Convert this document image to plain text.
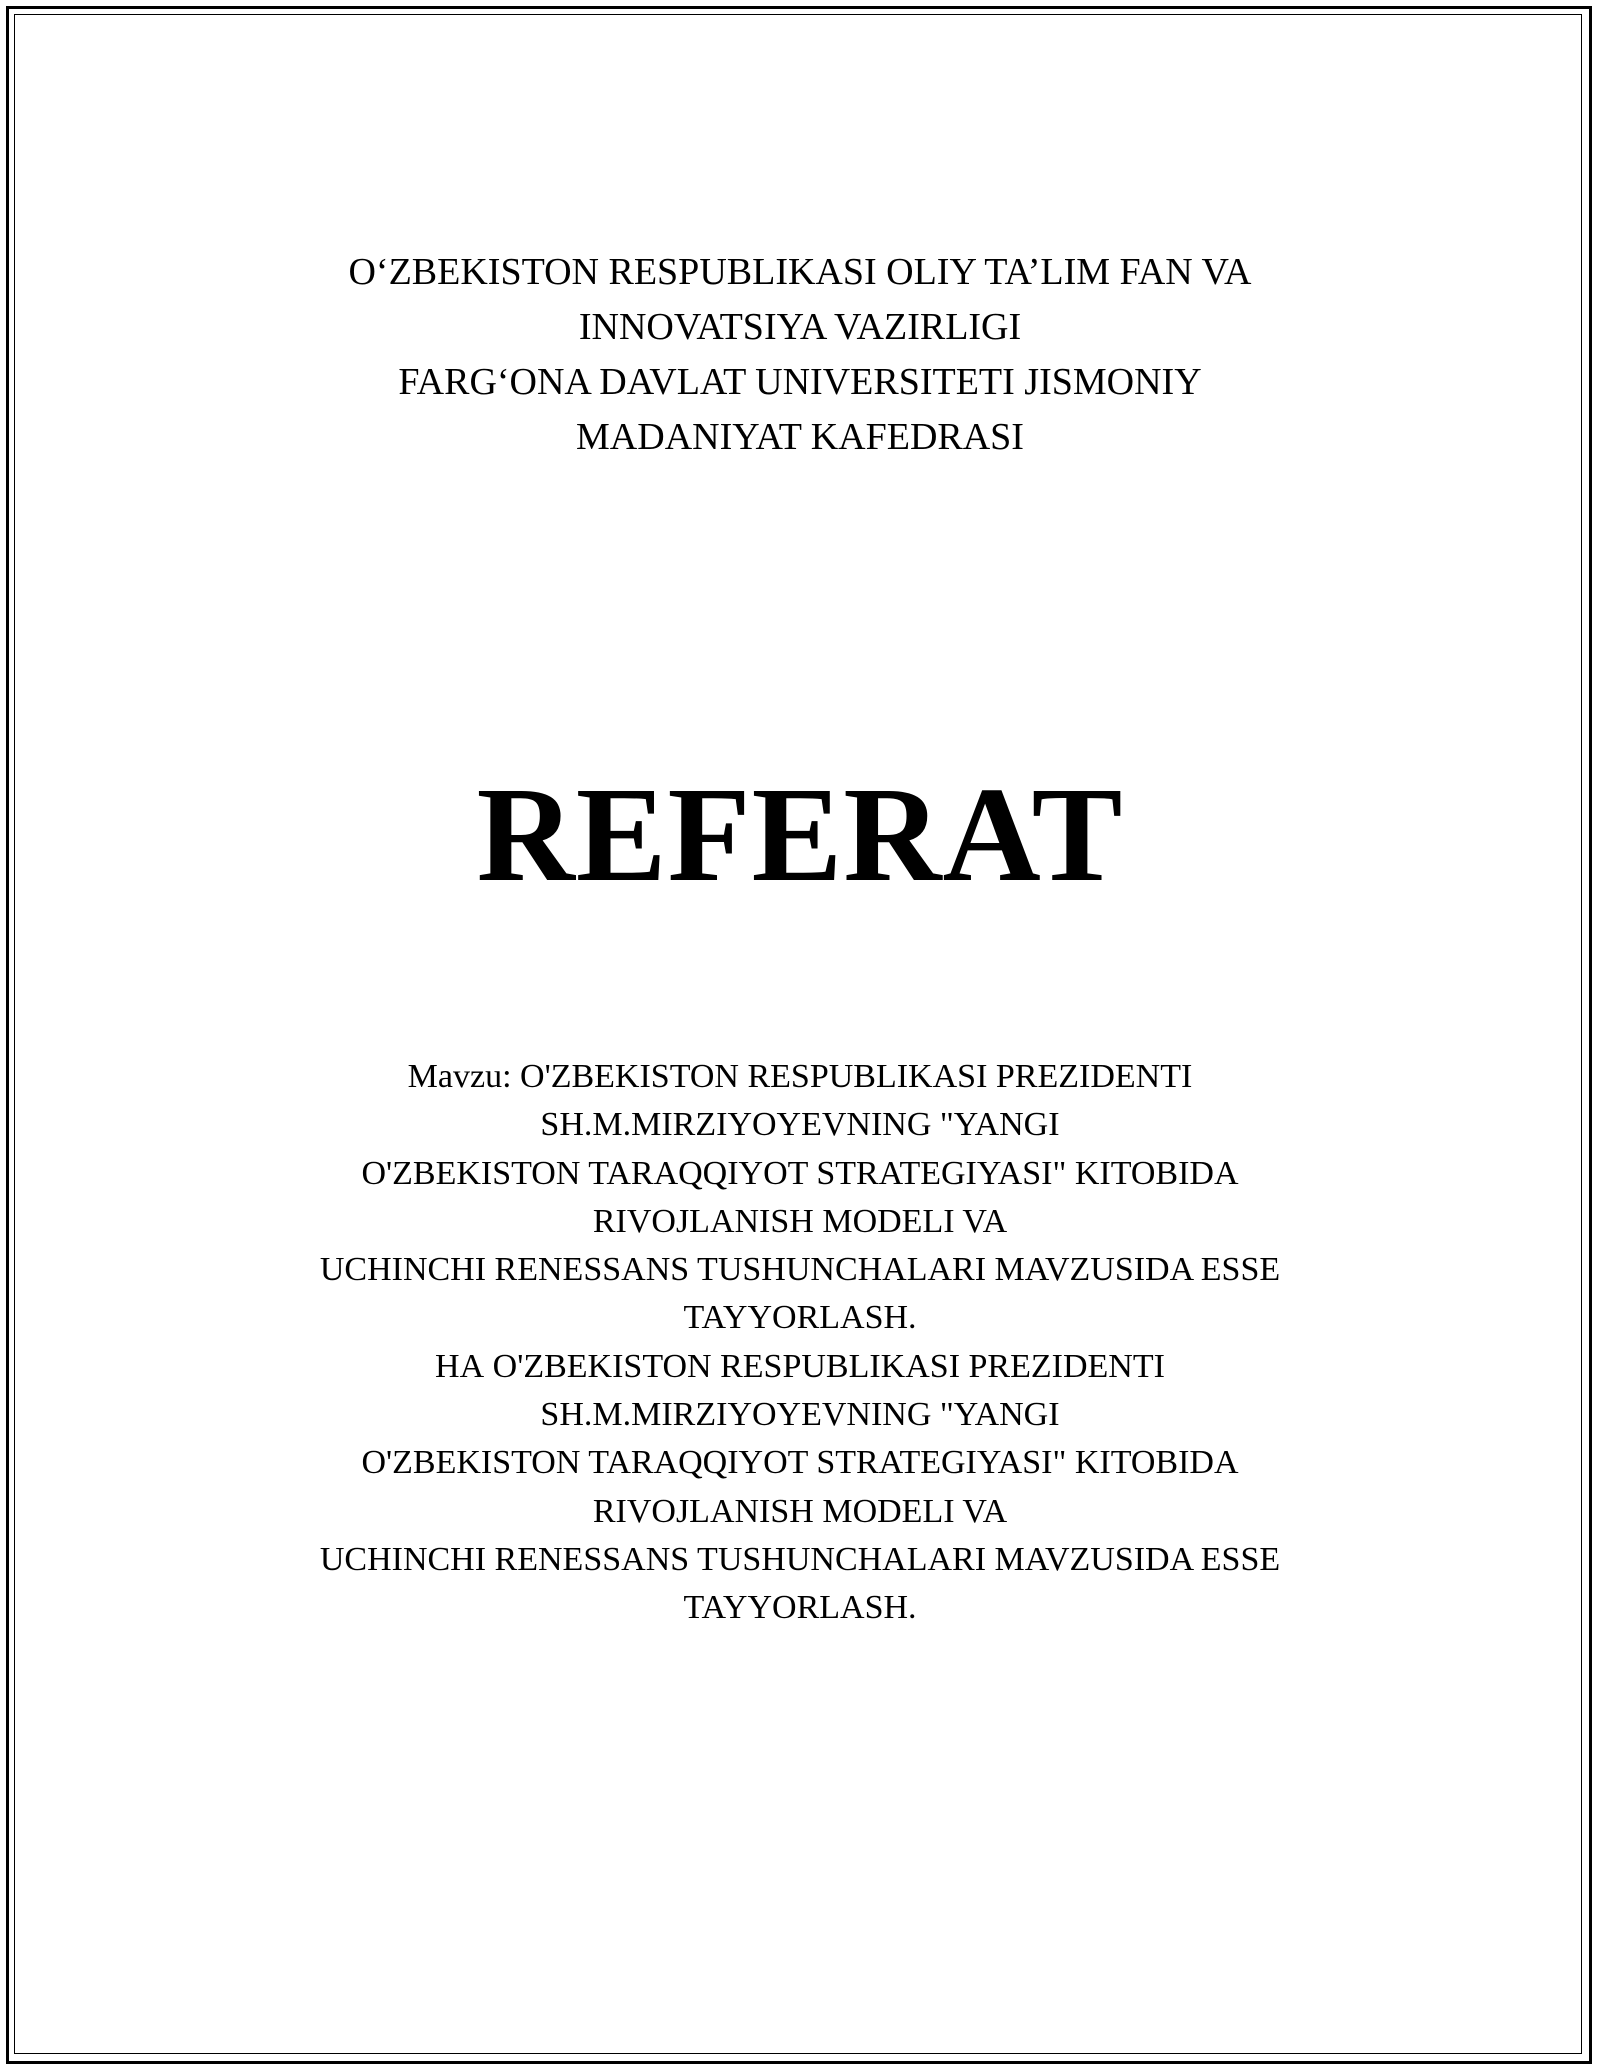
O‘ZBEKISTON RESPUBLIKASI OLIY TA’LIM FAN VA
INNOVATSIYA VAZIRLIGI
FARG‘ONA DAVLAT UNIVERSITETI JISMONIY
MADANIYAT KAFEDRASI
REFERAT
Mavzu: O'ZBEKISTON RESPUBLIKASI PREZIDENTI
SH.M.MIRZIYOYEVNING "YANGI
O'ZBEKISTON TARAQQIYOT STRATEGIYASI" KITOBIDA
RIVOJLANISH MODELI VA
UCHINCHI RENESSANS TUSHUNCHALARI MAVZUSIDA ESSE
TAYYORLASH.
НА O'ZBEKISTON RESPUBLIKASI PREZIDENTI
SH.M.MIRZIYOYEVNING "YANGI
O'ZBEKISTON TARAQQIYOT STRATEGIYASI" KITOBIDA
RIVOJLANISH MODELI VA
UCHINCHI RENESSANS TUSHUNCHALARI MAVZUSIDA ESSE
TAYYORLASH.
